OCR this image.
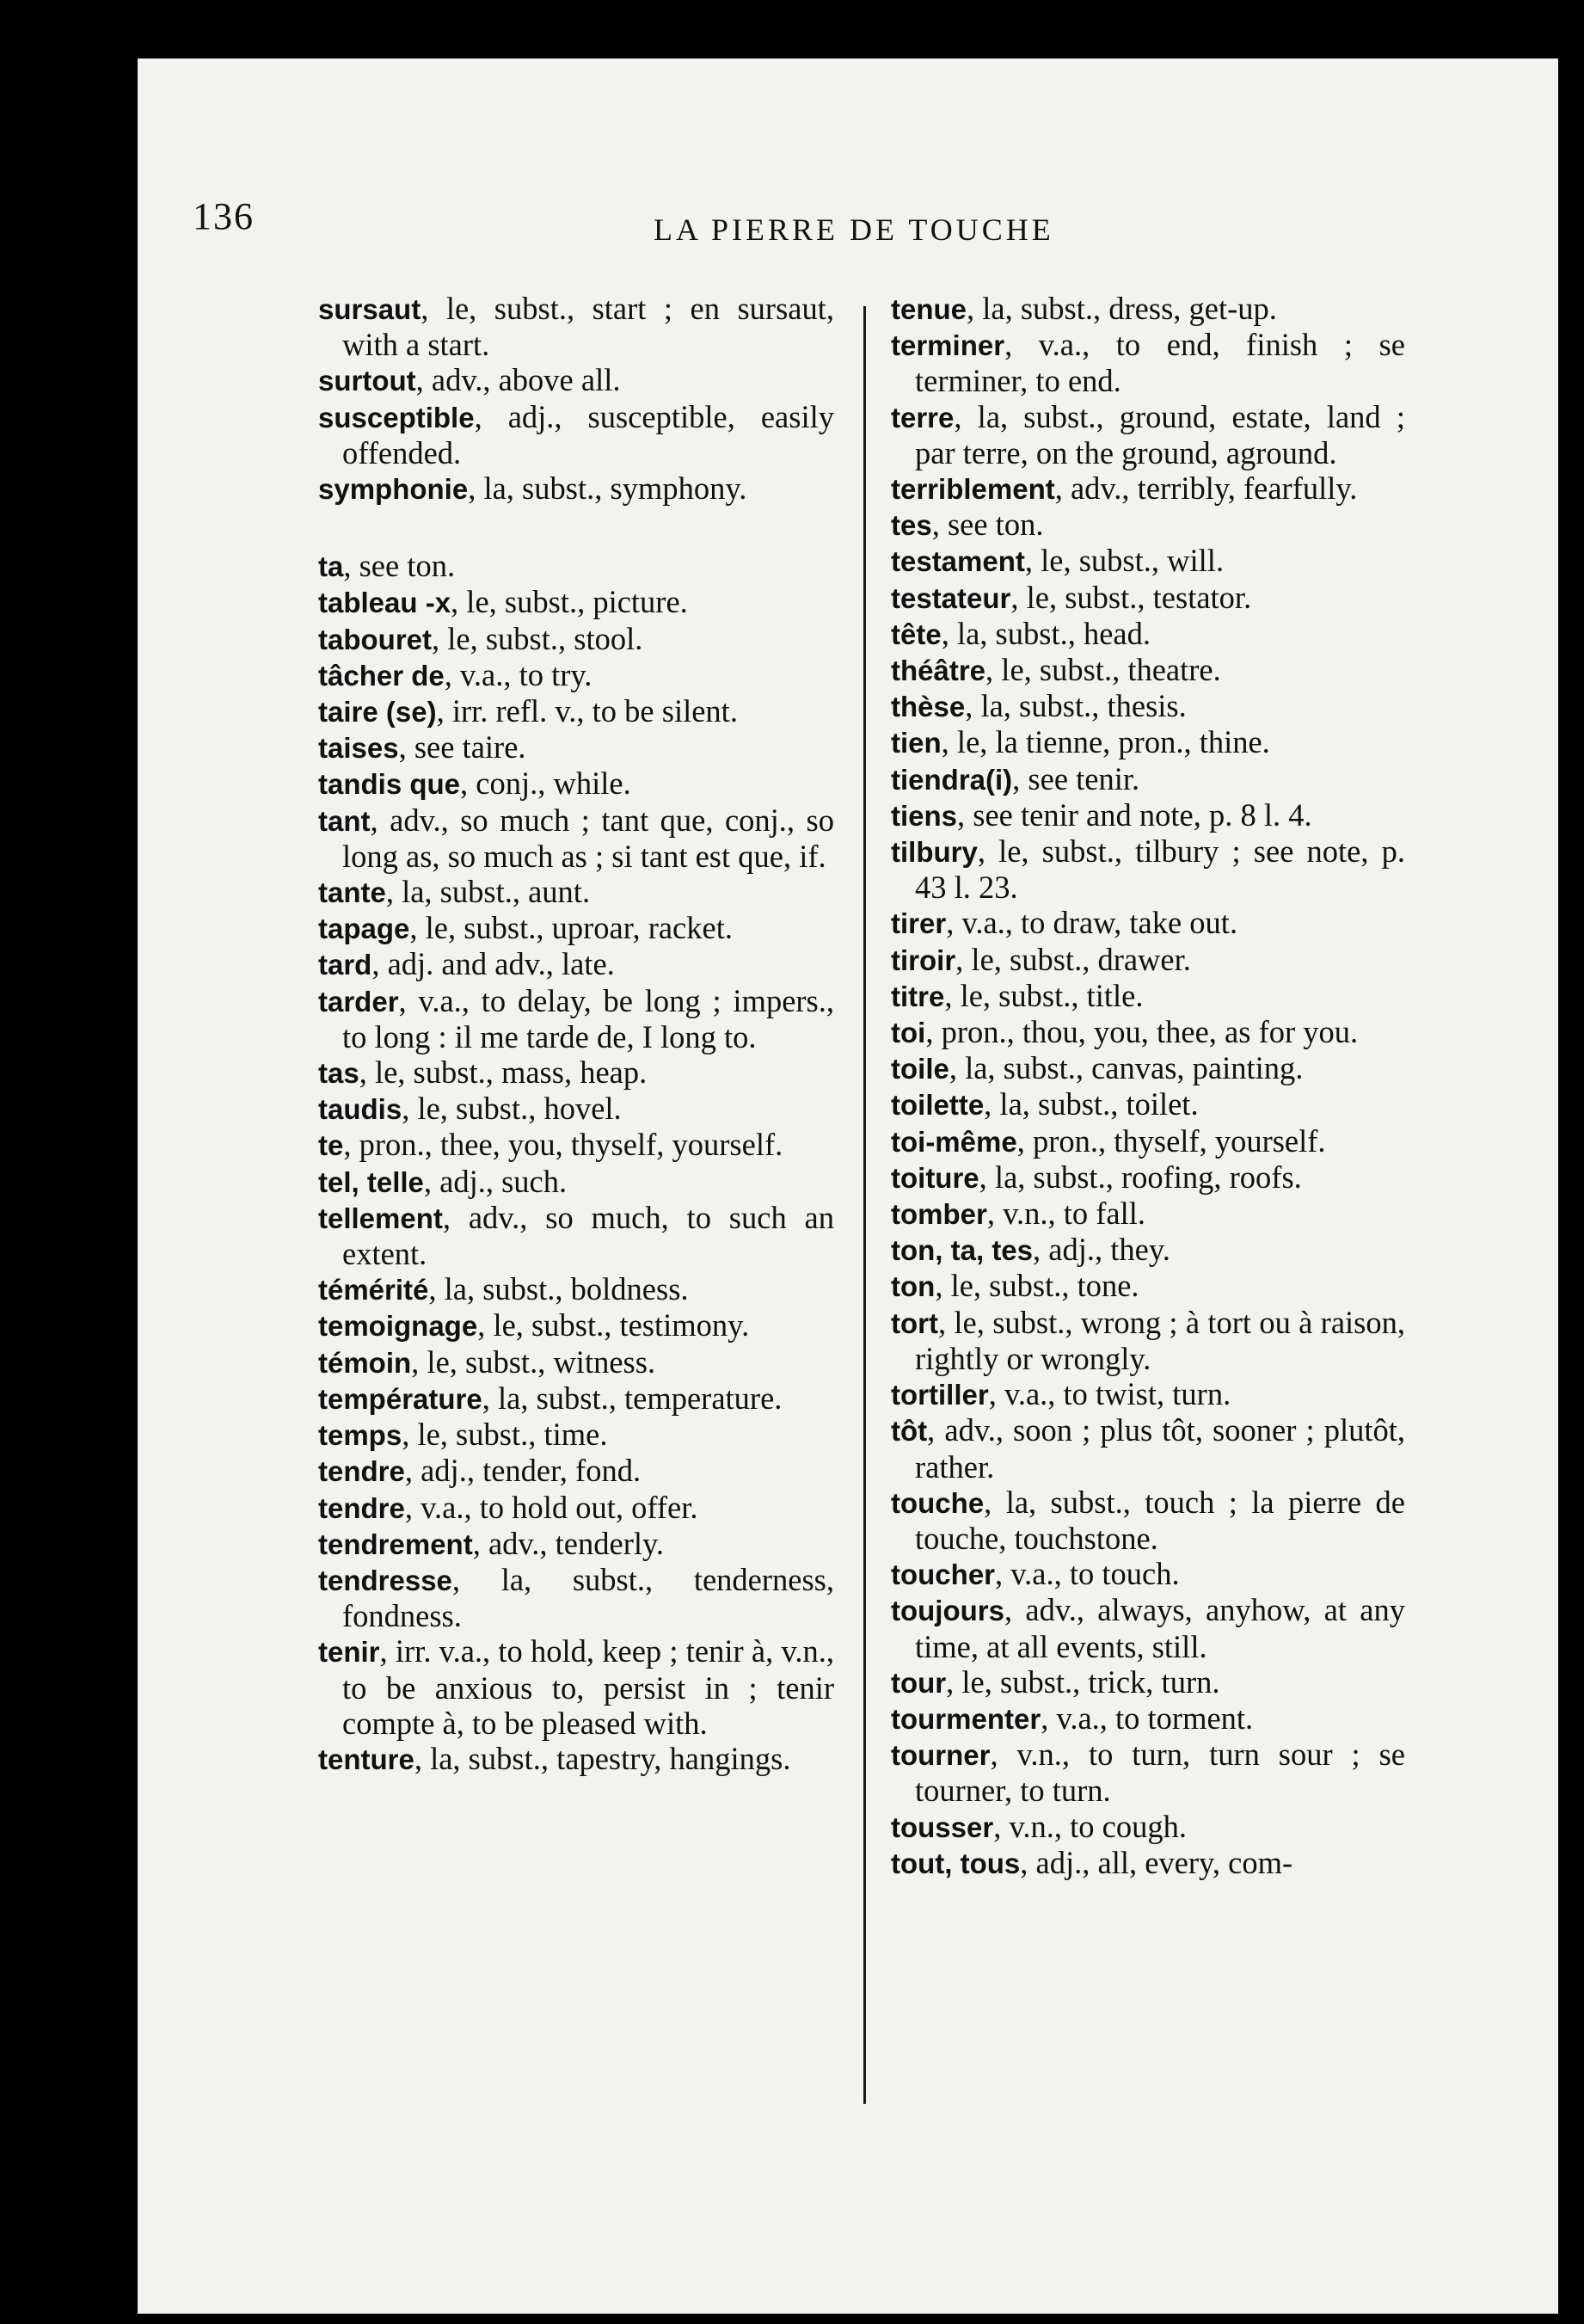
136	LA PIERRE DE TOUCHE

sursaut, le, subst., start ; en sursaut, with a start.

surtout, adv., above all.

susceptible, adj., susceptible, easily offended.

symphonie, la, subst., symphony.

ta, see ton.

tableau -x, le, subst., picture.

tabouret, le, subst., stool.

tâcher de, v.a., to try.

taire (se), irr. refl. v., to be silent.

taises, see taire.

tandis que, conj., while.

tant, adv., so much ; tant que, conj., so long as, so much as ; si tant est que, if.

tante, la, subst., aunt.

tapage, le, subst., uproar, racket.

tard, adj. and adv., late.

tarder, v.a., to delay, be long ; impers., to long : il me tarde de, I long to.

tas, le, subst., mass, heap.

taudis, le, subst., hovel.

te, pron., thee, you, thyself, yourself.

tel, telle, adj., such.

tellement, adv., so much, to such an extent.

témérité, la, subst., boldness.

temoignage, le, subst., testimony.

témoin, le, subst., witness.

température, la, subst., temperature.

temps, le, subst., time.

tendre, adj., tender, fond.

tendre, v.a., to hold out, offer.

tendrement, adv., tenderly.

tendresse, la, subst., tenderness, fondness.

tenir, irr. v.a., to hold, keep ; tenir à, v.n., to be anxious to, persist in ; tenir compte à, to be pleased with.

tenture, la, subst., tapestry, hangings.

tenue, la, subst., dress, get-up.

terminer, v.a., to end, finish ; se terminer, to end.

terre, la, subst., ground, estate, land ; par terre, on the ground, aground.

terriblement, adv., terribly, fearfully.

tes, see ton.

testament, le, subst., will.

testateur, le, subst., testator.

tête, la, subst., head.

théâtre, le, subst., theatre.

thèse, la, subst., thesis.

tien, le, la tienne, pron., thine.

tiendra(i), see tenir.

tiens, see tenir and note, p. 8 l. 4.

tilbury, le, subst., tilbury ; see note, p. 43 l. 23.

tirer, v.a., to draw, take out.

tiroir, le, subst., drawer.

titre, le, subst., title.

toi, pron., thou, you, thee, as for you.

toile, la, subst., canvas, painting.

toilette, la, subst., toilet.

toi-même, pron., thyself, yourself.

toiture, la, subst., roofing, roofs.

tomber, v.n., to fall.

ton, ta, tes, adj., they.

ton, le, subst., tone.

tort, le, subst., wrong ; à tort ou à raison, rightly or wrongly.

tortiller, v.a., to twist, turn.

tôt, adv., soon ; plus tôt, sooner ; plutôt, rather.

touche, la, subst., touch ; la pierre de touche, touchstone.

toucher, v.a., to touch.

toujours, adv., always, anyhow, at any time, at all events, still.

tour, le, subst., trick, turn.

tourmenter, v.a., to torment.

tourner, v.n., to turn, turn sour ; se tourner, to turn.

tousser, v.n., to cough.

tout, tous, adj., all, every, com-
